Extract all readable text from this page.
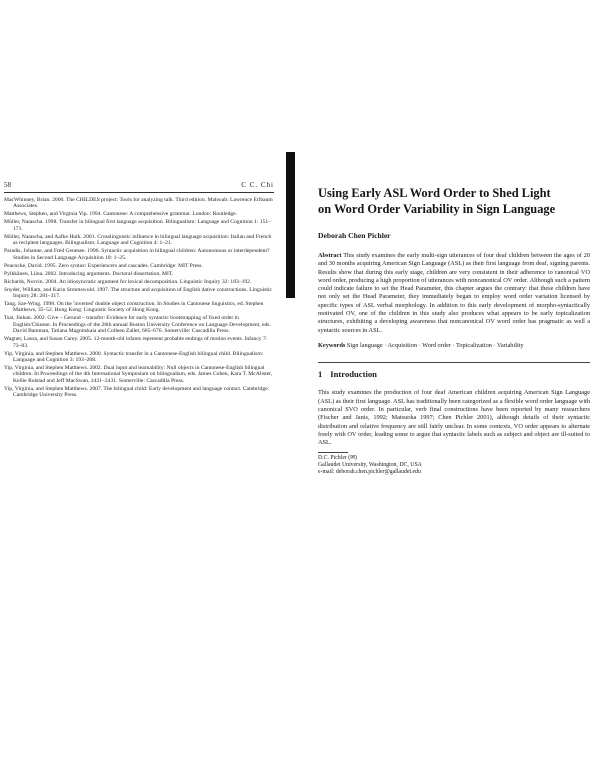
58	C C. Chi
MacWhinney, Brian. 2000. The CHILDES project: Tools for analyzing talk. Third edition. Mahwah: Lawrence Erlbaum Associates.
Matthews, Stephen, and Virginia Yip. 1994. Cantonese: A comprehensive grammar. London: Routledge.
Müller, Natascha. 1998. Transfer in bilingual first language acquisition. Bilingualism: Language and Cognition 1: 151–171.
Müller, Natascha, and Aafke Hulk. 2001. Crosslinguistic influence in bilingual language acquisition: Italian and French as recipient languages. Bilingualism: Language and Cognition 4: 1–21.
Paradis, Johanne, and Fred Genesee. 1996. Syntactic acquisition in bilingual children: Autonomous or interdependent? Studies in Second Language Acquisition 18: 1–25.
Peacocke, David. 1995. Zero syntax: Experiencers and cascades. Cambridge: MIT Press.
Pylkkänen, Liina. 2002. Introducing arguments. Doctoral dissertation, MIT.
Richards, Norvin. 2004. An idiosyncratic argument for lexical decomposition. Linguistic Inquiry 32: 183–192.
Snyder, William, and Karin Stromswold. 1997. The structure and acquisition of English dative constructions. Linguistic Inquiry 28: 281–317.
Tang, Sze-Wing. 1998. On the 'inverted' double object construction. In Studies in Cantonese linguistics, ed. Stephen Matthews, 35–52. Hong Kong: Linguistic Society of Hong Kong.
Tsai, Jinhan. 2002. Give – Gerund – transfer: Evidence for early syntactic bootstrapping of fixed order in English/Chinese. In Proceedings of the 26th annual Boston University Conference on Language Development, eds. David Bamman, Tatiana Magnitskaia and Colleen Zaller, 665–676. Somerville: Cascadilla Press.
Wagner, Laura, and Susan Carey. 2005. 12-month-old infants represent probable endings of motion events. Infancy 7: 73–83.
Yip, Virginia, and Stephen Matthews. 2000. Syntactic transfer in a Cantonese-English bilingual child. Bilingualism: Language and Cognition 3: 193–208.
Yip, Virginia, and Stephen Matthews. 2002. Dual input and learnability: Null objects in Cantonese-English bilingual children. In Proceedings of the 4th International Symposium on bilingualism, eds. James Cohen, Kara T. McAlister, Kellie Rolstad and Jeff MacSwan, 2421–2431. Somerville: Cascadilla Press.
Yip, Virginia, and Stephen Matthews. 2007. The bilingual child: Early development and language contact. Cambridge: Cambridge University Press.
Using Early ASL Word Order to Shed Light
on Word Order Variability in Sign Language
Deborah Chen Pichler

Abstract This study examines the early multi-sign utterances of four deaf children between the ages of 20 and 30 months acquiring American Sign Language (ASL) as their first language from deaf, signing parents. Results show that during this early stage, children are very consistent in their adherence to canonical VO word order, producing a high proportion of utterances with noncanonical OV order. Although such a pattern could indicate failure to set the Head Parameter, this chapter argues the contrary: that these children have not only set the Head Parameter, they immediately began to employ word order variation licensed by specific types of ASL verbal morphology. In addition to this early development of morpho-syntactically motivated OV, one of the children in this study also produces what appears to be early topicalization structures, exhibiting a developing awareness that noncanonical OV word order has pragmatic as well a syntactic sources in ASL.

Keywords Sign language · Acquisition · Word order · Topicalization · Variability

1 Introduction

This study examines the production of four deaf American children acquiring American Sign Language (ASL) as their first language. ASL has traditionally been categorized as a flexible word order language with canonical SVO order. In particular, verb final constructions have been reported by many researchers (Fischer and Janis, 1992; Matsuoka 1997; Chen Pichler 2001), although details of their syntactic distribution and relative frequency are still fairly unclear. In some contexts, VO order appears to alternate freely with OV order, leading some to argue that syntactic labels such as subject and object are ill-suited to ASL.

D.C. Pichler (✉)
Gallaudet University, Washington, DC, USA
e-mail: deborah.chen.pichler@gallaudet.edu
